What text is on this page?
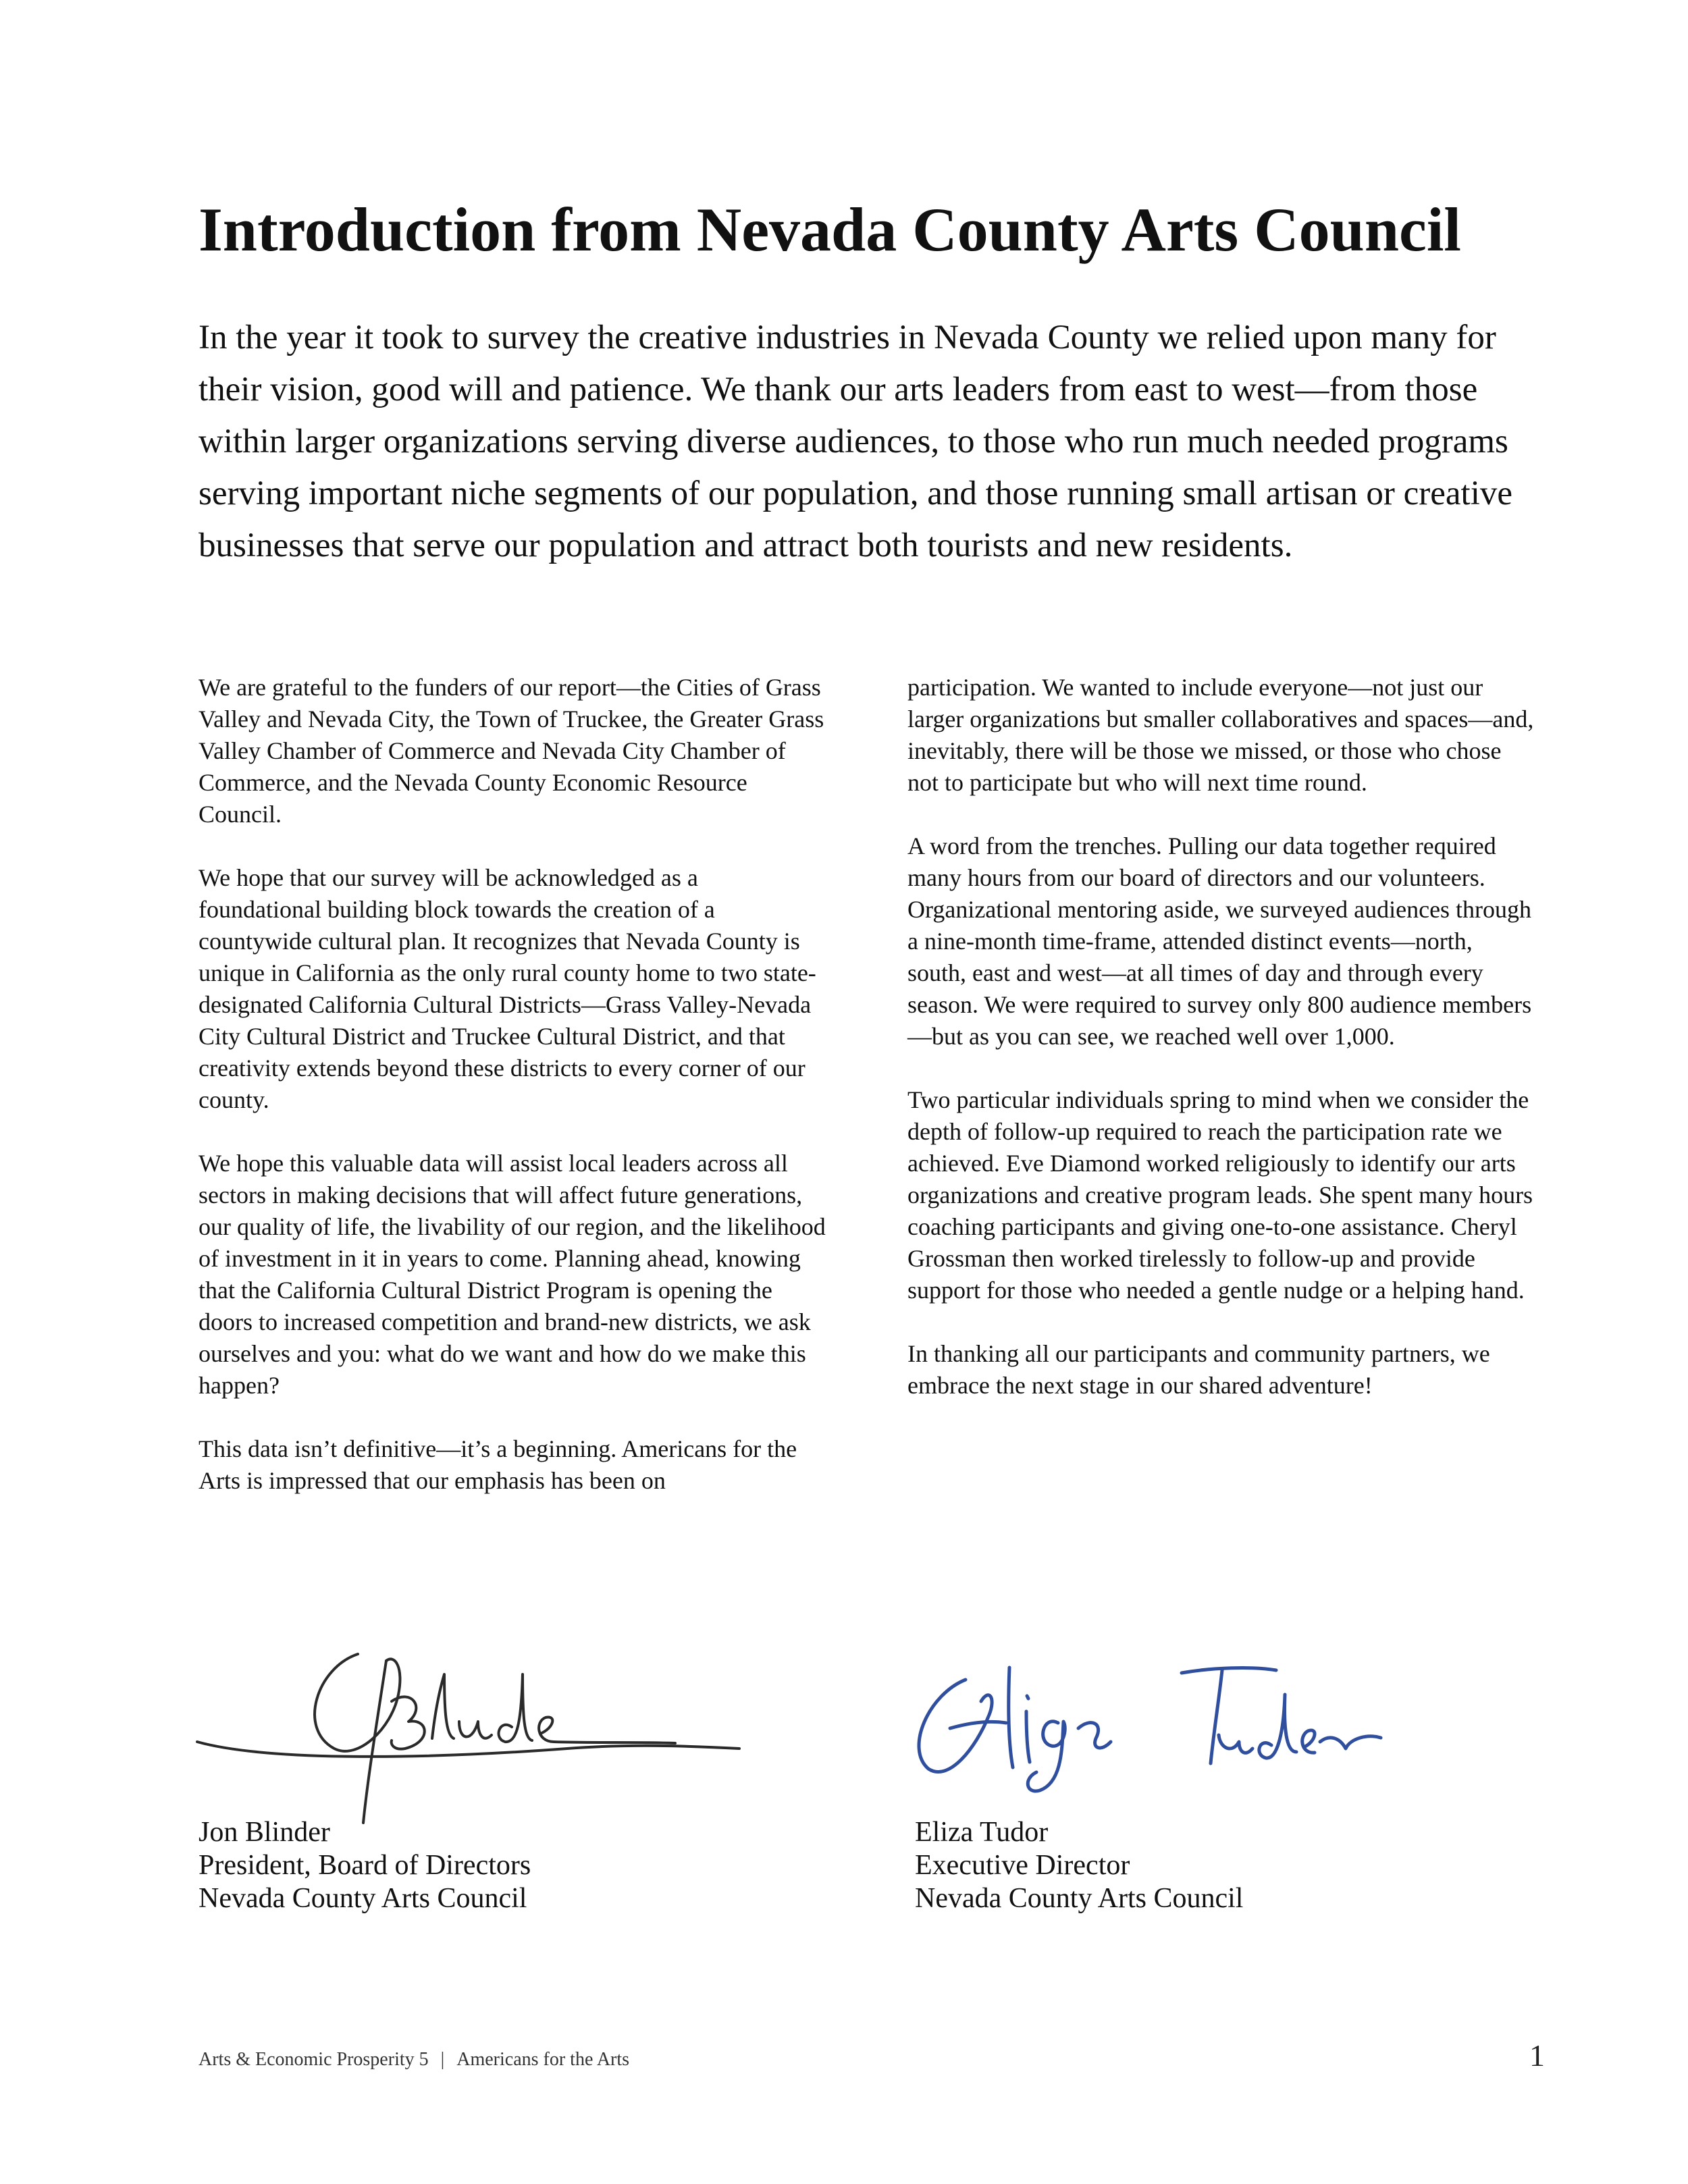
Introduction from Nevada County Arts Council

In the year it took to survey the creative industries in Nevada County we relied upon many for their vision, good will and patience. We thank our arts leaders from east to west—from those within larger organizations serving diverse audiences, to those who run much needed programs serving important niche segments of our population, and those running small artisan or creative businesses that serve our population and attract both tourists and new residents.

We are grateful to the funders of our report—the Cities of Grass Valley and Nevada City, the Town of Truckee, the Greater Grass Valley Chamber of Commerce and Nevada City Chamber of Commerce, and the Nevada County Economic Resource Council.

We hope that our survey will be acknowledged as a foundational building block towards the creation of a countywide cultural plan. It recognizes that Nevada County is unique in California as the only rural county home to two state-designated California Cultural Districts—Grass Valley-Nevada City Cultural District and Truckee Cultural District, and that creativity extends beyond these districts to every corner of our county.

We hope this valuable data will assist local leaders across all sectors in making decisions that will affect future generations, our quality of life, the livability of our region, and the likelihood of investment in it in years to come. Planning ahead, knowing that the California Cultural District Program is opening the doors to increased competition and brand-new districts, we ask ourselves and you: what do we want and how do we make this happen?

This data isn’t definitive—it’s a beginning. Americans for the Arts is impressed that our emphasis has been on

participation. We wanted to include everyone—not just our larger organizations but smaller collaboratives and spaces—and, inevitably, there will be those we missed, or those who chose not to participate but who will next time round.

A word from the trenches. Pulling our data together required many hours from our board of directors and our volunteers. Organizational mentoring aside, we surveyed audiences through a nine-month time-frame, attended distinct events—north, south, east and west—at all times of day and through every season. We were required to survey only 800 audience members—but as you can see, we reached well over 1,000.

Two particular individuals spring to mind when we consider the depth of follow-up required to reach the participation rate we achieved. Eve Diamond worked religiously to identify our arts organizations and creative program leads. She spent many hours coaching participants and giving one-to-one assistance. Cheryl Grossman then worked tirelessly to follow-up and provide support for those who needed a gentle nudge or a helping hand.

In thanking all our participants and community partners, we embrace the next stage in our shared adventure!

Jon Blinder
President, Board of Directors
Nevada County Arts Council
Eliza Tudor
Executive Director
Nevada County Arts Council
Arts & Economic Prosperity 5 | Americans for the Arts	1
